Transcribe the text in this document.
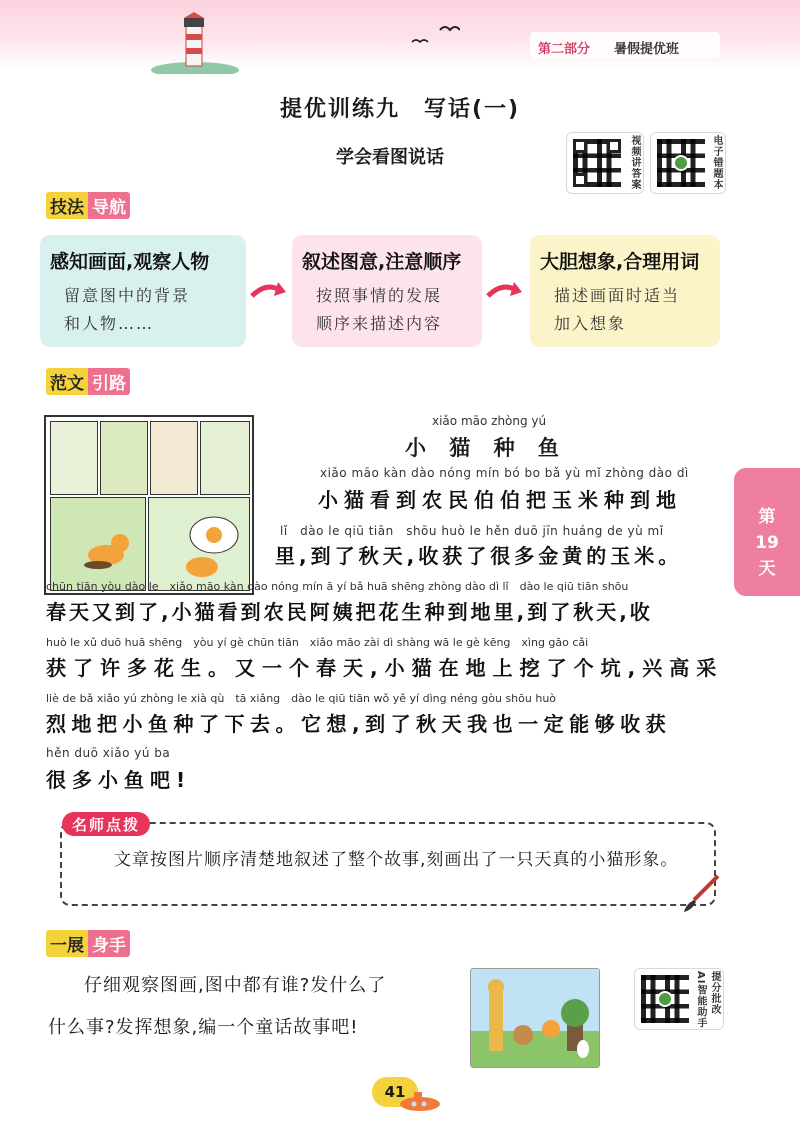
第二部分 暑假提优班
提优训练九　写话(一)
学会看图说话	视频讲答案	电子错题本
技法 导航
感知画面,观察人物
留意图中的背景
和人物……
叙述图意,注意顺序
按照事情的发展
顺序来描述内容
大胆想象,合理用词
描述画面时适当
加入想象
范文 引路
xiǎo māo zhòng yú
小 猫 种 鱼
xiǎo māo kàn dào nóng mín bó bo bǎ yù mǐ zhòng dào dì
小猫看到农民伯伯把玉米种到地
lǐ　dào le qiū tiān　shōu huò le hěn duō jīn huáng de yù mǐ
里,到了秋天,收获了很多金黄的玉米。
chūn tiān yòu dào le　xiǎo māo kàn dào nóng mín ā yí bǎ huā shēng zhòng dào dì lǐ　dào le qiū tiān shōu
春天又到了,小猫看到农民阿姨把花生种到地里,到了秋天,收
huò le xǔ duō huā shēng　yòu yí gè chūn tiān　xiǎo māo zài dì shàng wā le gè kēng　xìng gāo cǎi
获了许多花生。又一个春天,小猫在地上挖了个坑,兴高采
liè de bǎ xiǎo yú zhòng le xià qù　tā xiǎng　dào le qiū tiān wǒ yě yí dìng néng gòu shōu huò
烈地把小鱼种了下去。它想,到了秋天我也一定能够收获
hěn duō xiǎo yú ba
很多小鱼吧!
第
19
天
名师点拨
文章按图片顺序清楚地叙述了整个故事,刻画出了一只天真的小猫形象。
一展 身手
仔细观察图画,图中都有谁?发什么了
什么事?发挥想象,编一个童话故事吧!	AI智能助手 提分批改
41
